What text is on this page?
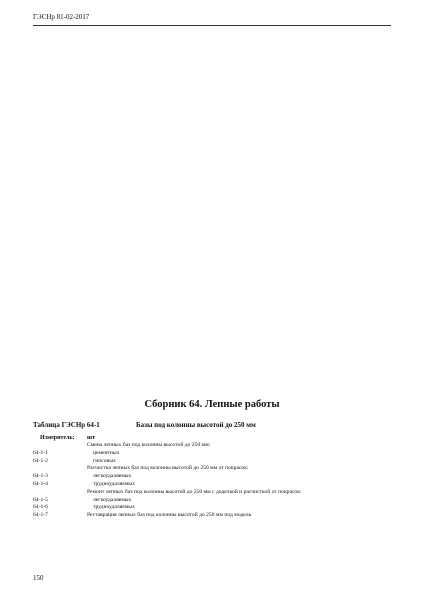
ГЭСНр 81-02-2017
Сборник 64. Лепные работы
Таблица ГЭСНр 64-1	Базы под колонны высотой до 250 мм
Измеритель: шт
Смена лепных баз под колонны высотой до 250 мм:
64-1-1	цементных
64-1-2	гипсовых
Расчистка лепных баз под колонны высотой до 250 мм от покрасок:
64-1-3	легкоудаляемых
64-1-4	трудноудаляемых
Ремонт лепных баз под колонны высотой до 250 мм с доделкой и расчисткой от покрасок:
64-1-5	легкоудаляемых
64-1-6	трудноудаляемых
64-1-7	Реставрация лепных баз под колонны высотой до 250 мм под модель
150
